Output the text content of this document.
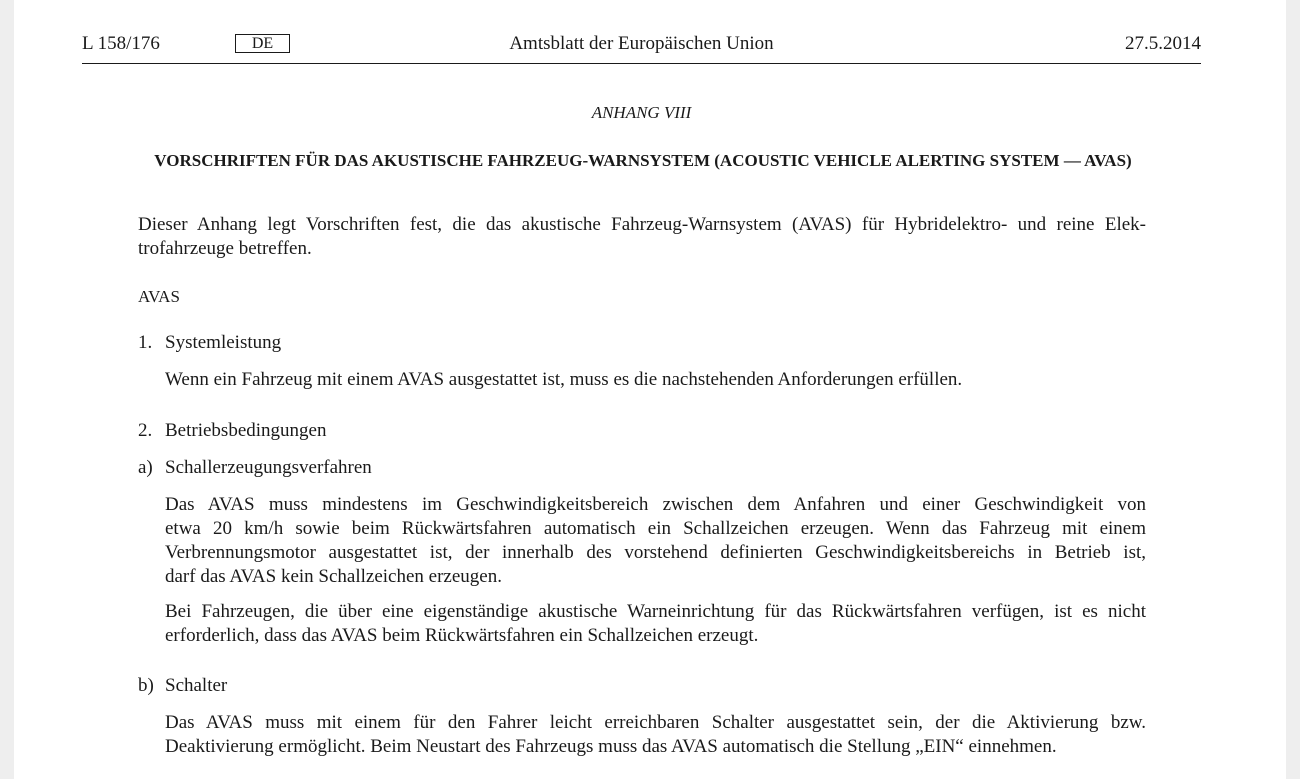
L 158/176	DE	Amtsblatt der Europäischen Union	27.5.2014
ANHANG VIII
VORSCHRIFTEN FÜR DAS AKUSTISCHE FAHRZEUG-WARNSYSTEM (ACOUSTIC VEHICLE ALERTING SYSTEM — AVAS)

Dieser Anhang legt Vorschriften fest, die das akustische Fahrzeug-Warnsystem (AVAS) für Hybridelektro- und reine Elek-
trofahrzeuge betreffen.

AVAS
1. Systemleistung

Wenn ein Fahrzeug mit einem AVAS ausgestattet ist, muss es die nachstehenden Anforderungen erfüllen.

2. Betriebsbedingungen
a) Schallerzeugungsverfahren

Das AVAS muss mindestens im Geschwindigkeitsbereich zwischen dem Anfahren und einer Geschwindigkeit von
etwa 20 km/h sowie beim Rückwärtsfahren automatisch ein Schallzeichen erzeugen. Wenn das Fahrzeug mit einem
Verbrennungsmotor ausgestattet ist, der innerhalb des vorstehend definierten Geschwindigkeitsbereichs in Betrieb ist,
darf das AVAS kein Schallzeichen erzeugen.

Bei Fahrzeugen, die über eine eigenständige akustische Warneinrichtung für das Rückwärtsfahren verfügen, ist es nicht
erforderlich, dass das AVAS beim Rückwärtsfahren ein Schallzeichen erzeugt.

b) Schalter

Das AVAS muss mit einem für den Fahrer leicht erreichbaren Schalter ausgestattet sein, der die Aktivierung bzw.
Deaktivierung ermöglicht. Beim Neustart des Fahrzeugs muss das AVAS automatisch die Stellung „EIN“ einnehmen.
